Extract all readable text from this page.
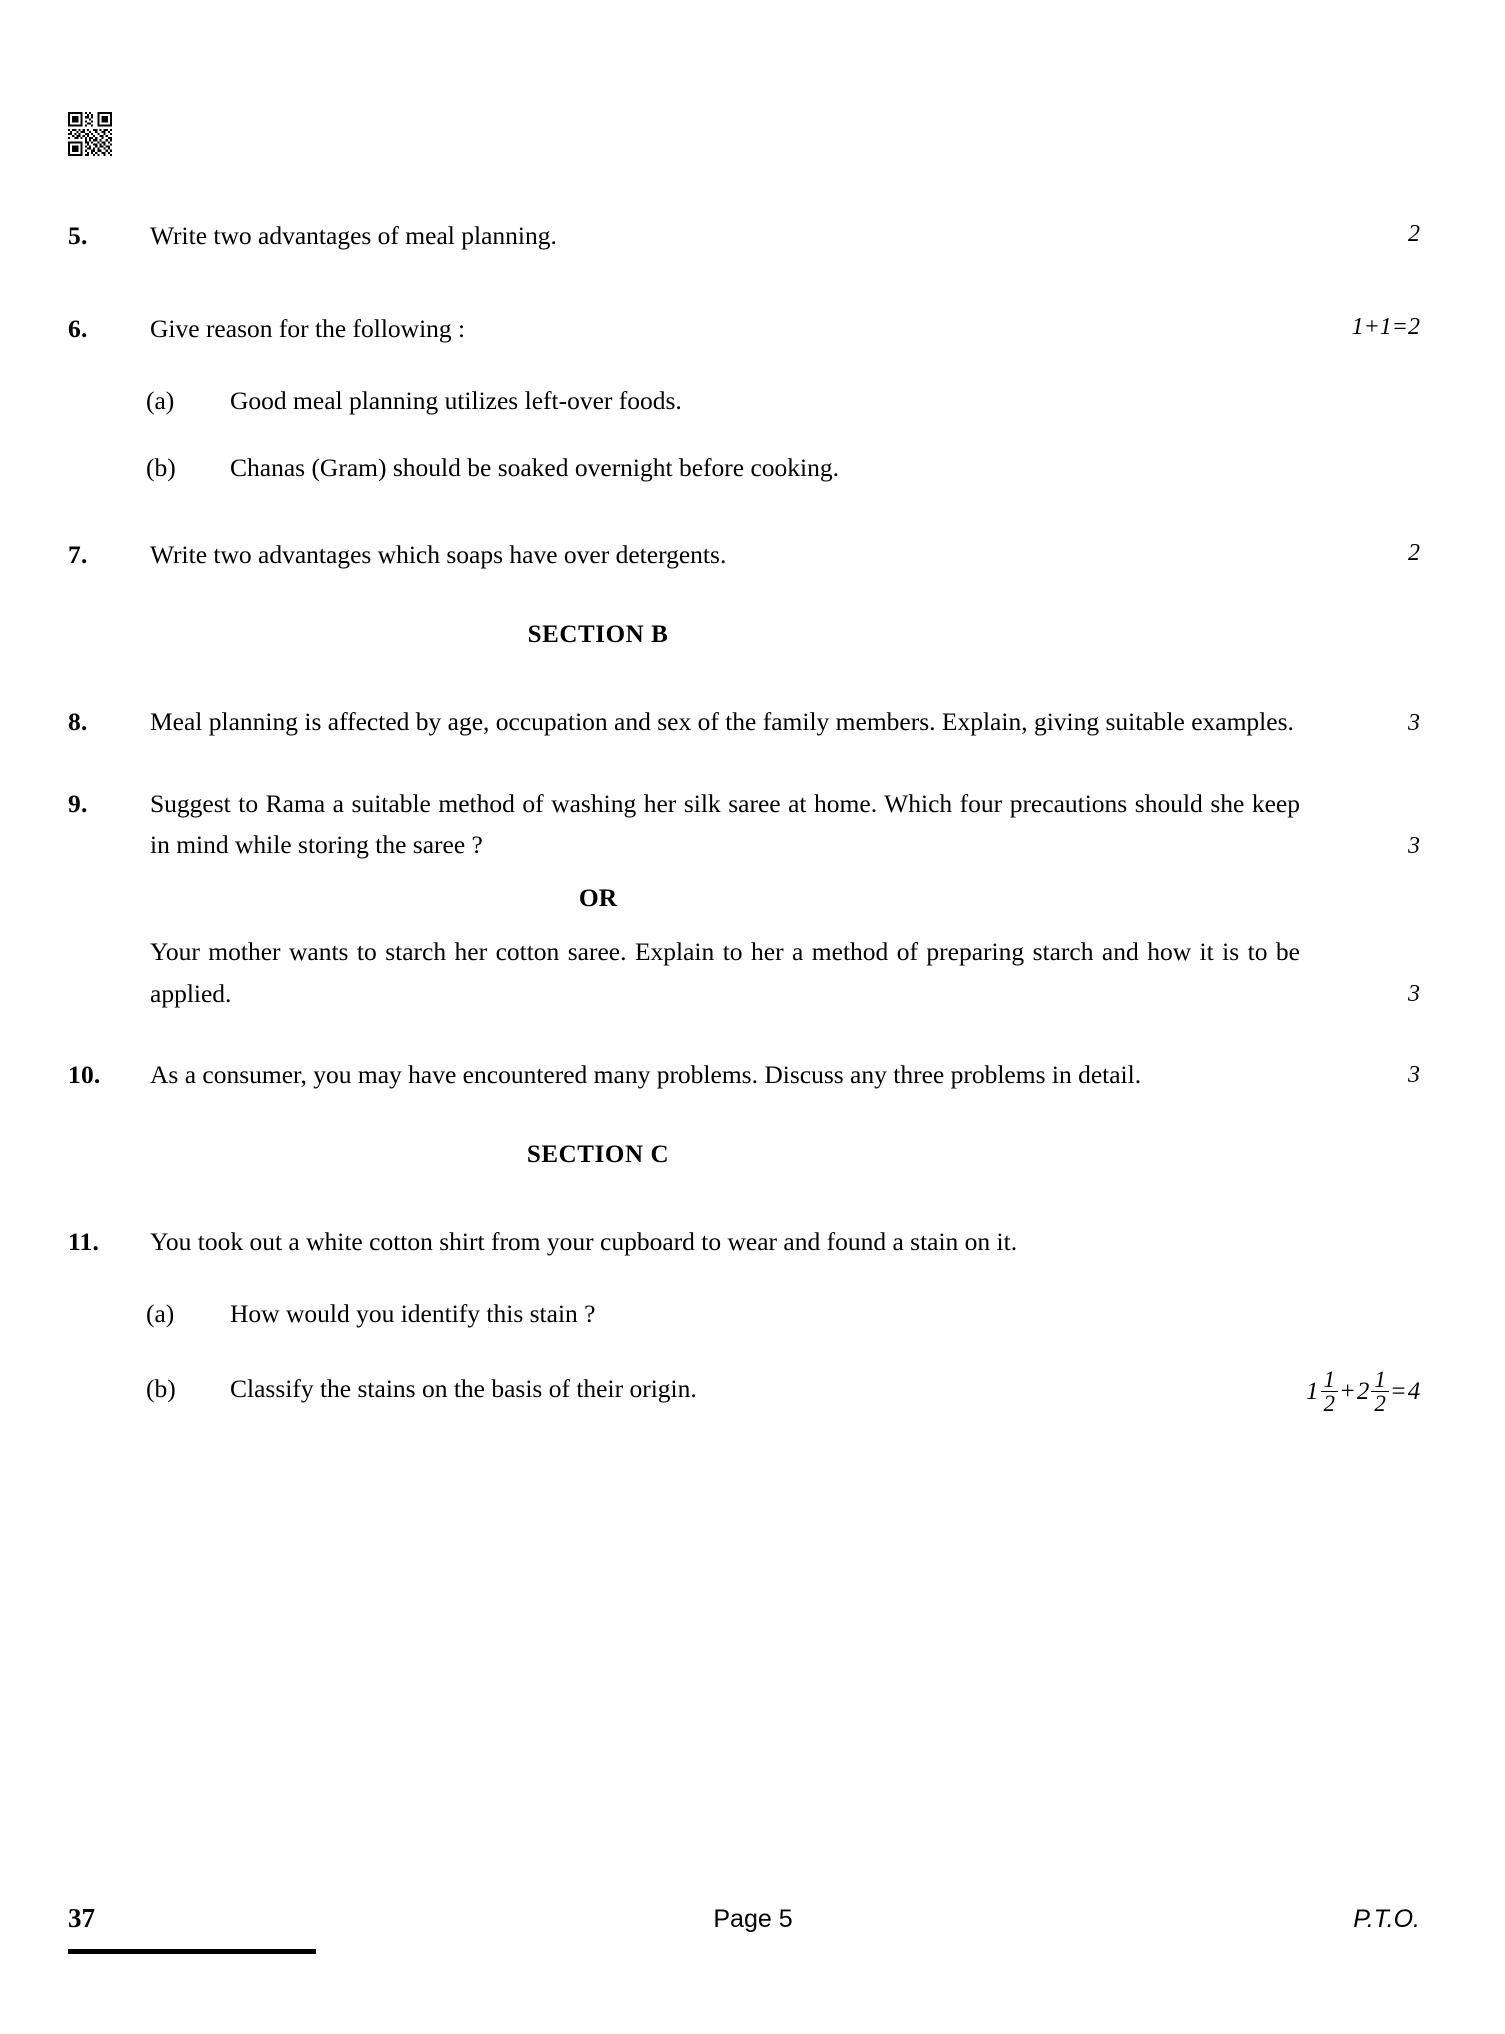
5.	Write two advantages of meal planning.	2
6.	Give reason for the following :	1+1=2
(a)	Good meal planning utilizes left-over foods.
(b)	Chanas (Gram) should be soaked overnight before cooking.
7.	Write two advantages which soaps have over detergents.	2
SECTION B
8.	Meal planning is affected by age, occupation and sex of the family members. Explain, giving suitable examples.	3
9.	Suggest to Rama a suitable method of washing her silk saree at home. Which four precautions should she keep in mind while storing the saree ?	3
OR
Your mother wants to starch her cotton saree. Explain to her a method of preparing starch and how it is to be applied.	3
10.	As a consumer, you may have encountered many problems. Discuss any three problems in detail.	3
SECTION C
11.	You took out a white cotton shirt from your cupboard to wear and found a stain on it.
(a)	How would you identify this stain ?
(b)	Classify the stains on the basis of their origin.	$1 \frac{1}{2} + 2 \frac{1}{2} = 4$
37	Page 5	P.T.O.
